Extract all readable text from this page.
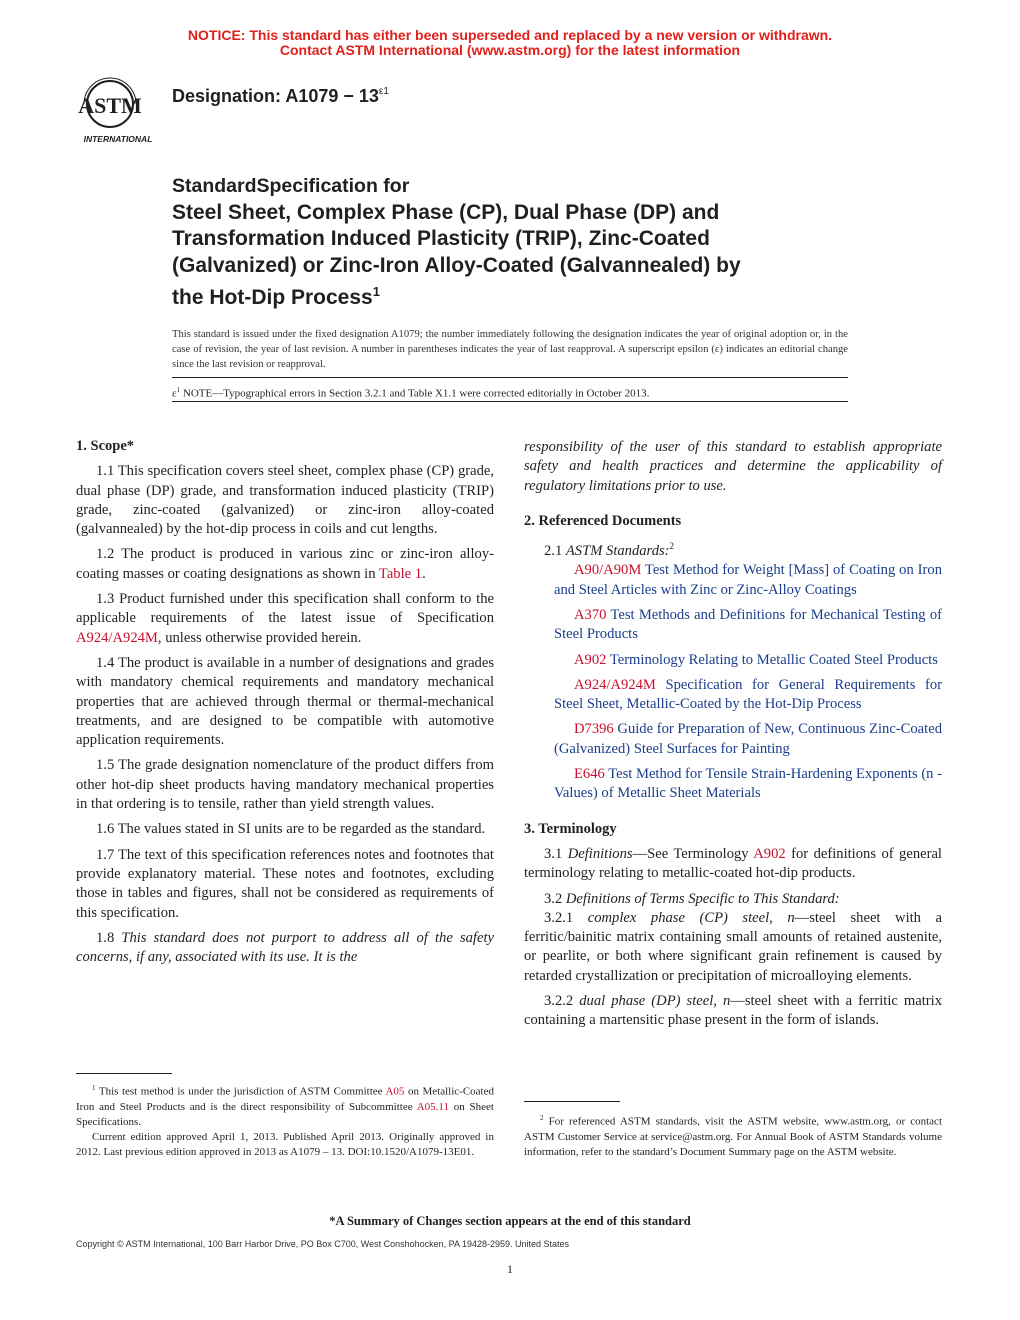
NOTICE: This standard has either been superseded and replaced by a new version or withdrawn.
Contact ASTM International (www.astm.org) for the latest information
ASTM
INTERNATIONAL
Designation: $A1079 - 13^{\varepsilon 1}$
StandardSpecification for
Steel Sheet, Complex Phase (CP), Dual Phase (DP) and
Transformation Induced Plasticity (TRIP), Zinc-Coated
(Galvanized) or Zinc-Iron Alloy-Coated (Galvannealed) by
the Hot-Dip Process$^1$
This standard is issued under the fixed designation A1079; the number immediately following the designation indicates the year of original adoption or, in the case of revision, the year of last revision. A number in parentheses indicates the year of last reapproval. A superscript epsilon (ε) indicates an editorial change since the last revision or reapproval.
$\varepsilon^1$ NOTE—Typographical errors in Section 3.2.1 and Table X1.1 were corrected editorially in October 2013.
1. Scope*

1.1 This specification covers steel sheet, complex phase (CP) grade, dual phase (DP) grade, and transformation induced plasticity (TRIP) grade, zinc-coated (galvanized) or zinc-iron alloy-coated (galvannealed) by the hot-dip process in coils and cut lengths.

1.2 The product is produced in various zinc or zinc-iron alloy-coating masses or coating designations as shown in Table 1.

1.3 Product furnished under this specification shall conform to the applicable requirements of the latest issue of Specification A924/A924M, unless otherwise provided herein.

1.4 The product is available in a number of designations and grades with mandatory chemical requirements and mandatory mechanical properties that are achieved through thermal or thermal-mechanical treatments, and are designed to be compatible with automotive application requirements.

1.5 The grade designation nomenclature of the product differs from other hot-dip sheet products having mandatory mechanical properties in that ordering is to tensile, rather than yield strength values.

1.6 The values stated in SI units are to be regarded as the standard.

1.7 The text of this specification references notes and footnotes that provide explanatory material. These notes and footnotes, excluding those in tables and figures, shall not be considered as requirements of this specification.

1.8 This standard does not purport to address all of the safety concerns, if any, associated with its use. It is the

$^1$ This test method is under the jurisdiction of ASTM Committee A05 on Metallic-Coated Iron and Steel Products and is the direct responsibility of Subcommittee A05.11 on Sheet Specifications.

Current edition approved April 1, 2013. Published April 2013. Originally approved in 2012. Last previous edition approved in 2013 as A1079 – 13. DOI:10.1520/A1079-13E01.

responsibility of the user of this standard to establish appropriate safety and health practices and determine the applicability of regulatory limitations prior to use.

2. Referenced Documents

2.1 ASTM Standards:$^2$

A90/A90M Test Method for Weight [Mass] of Coating on Iron and Steel Articles with Zinc or Zinc-Alloy Coatings

A370 Test Methods and Definitions for Mechanical Testing of Steel Products

A902 Terminology Relating to Metallic Coated Steel Products

A924/A924M Specification for General Requirements for Steel Sheet, Metallic-Coated by the Hot-Dip Process

D7396 Guide for Preparation of New, Continuous Zinc-Coated (Galvanized) Steel Surfaces for Painting

E646 Test Method for Tensile Strain-Hardening Exponents (n -Values) of Metallic Sheet Materials

3. Terminology

3.1 Definitions—See Terminology A902 for definitions of general terminology relating to metallic-coated hot-dip products.

3.2 Definitions of Terms Specific to This Standard:

3.2.1 complex phase (CP) steel, n—steel sheet with a ferritic/bainitic matrix containing small amounts of retained austenite, or pearlite, or both where significant grain refinement is caused by retarded crystallization or precipitation of microalloying elements.

3.2.2 dual phase (DP) steel, n—steel sheet with a ferritic matrix containing a martensitic phase present in the form of islands.

$^2$ For referenced ASTM standards, visit the ASTM website, www.astm.org, or contact ASTM Customer Service at service@astm.org. For Annual Book of ASTM Standards volume information, refer to the standard’s Document Summary page on the ASTM website.

*A Summary of Changes section appears at the end of this standard
Copyright © ASTM International, 100 Barr Harbor Drive, PO Box C700, West Conshohocken, PA 19428-2959. United States
1
